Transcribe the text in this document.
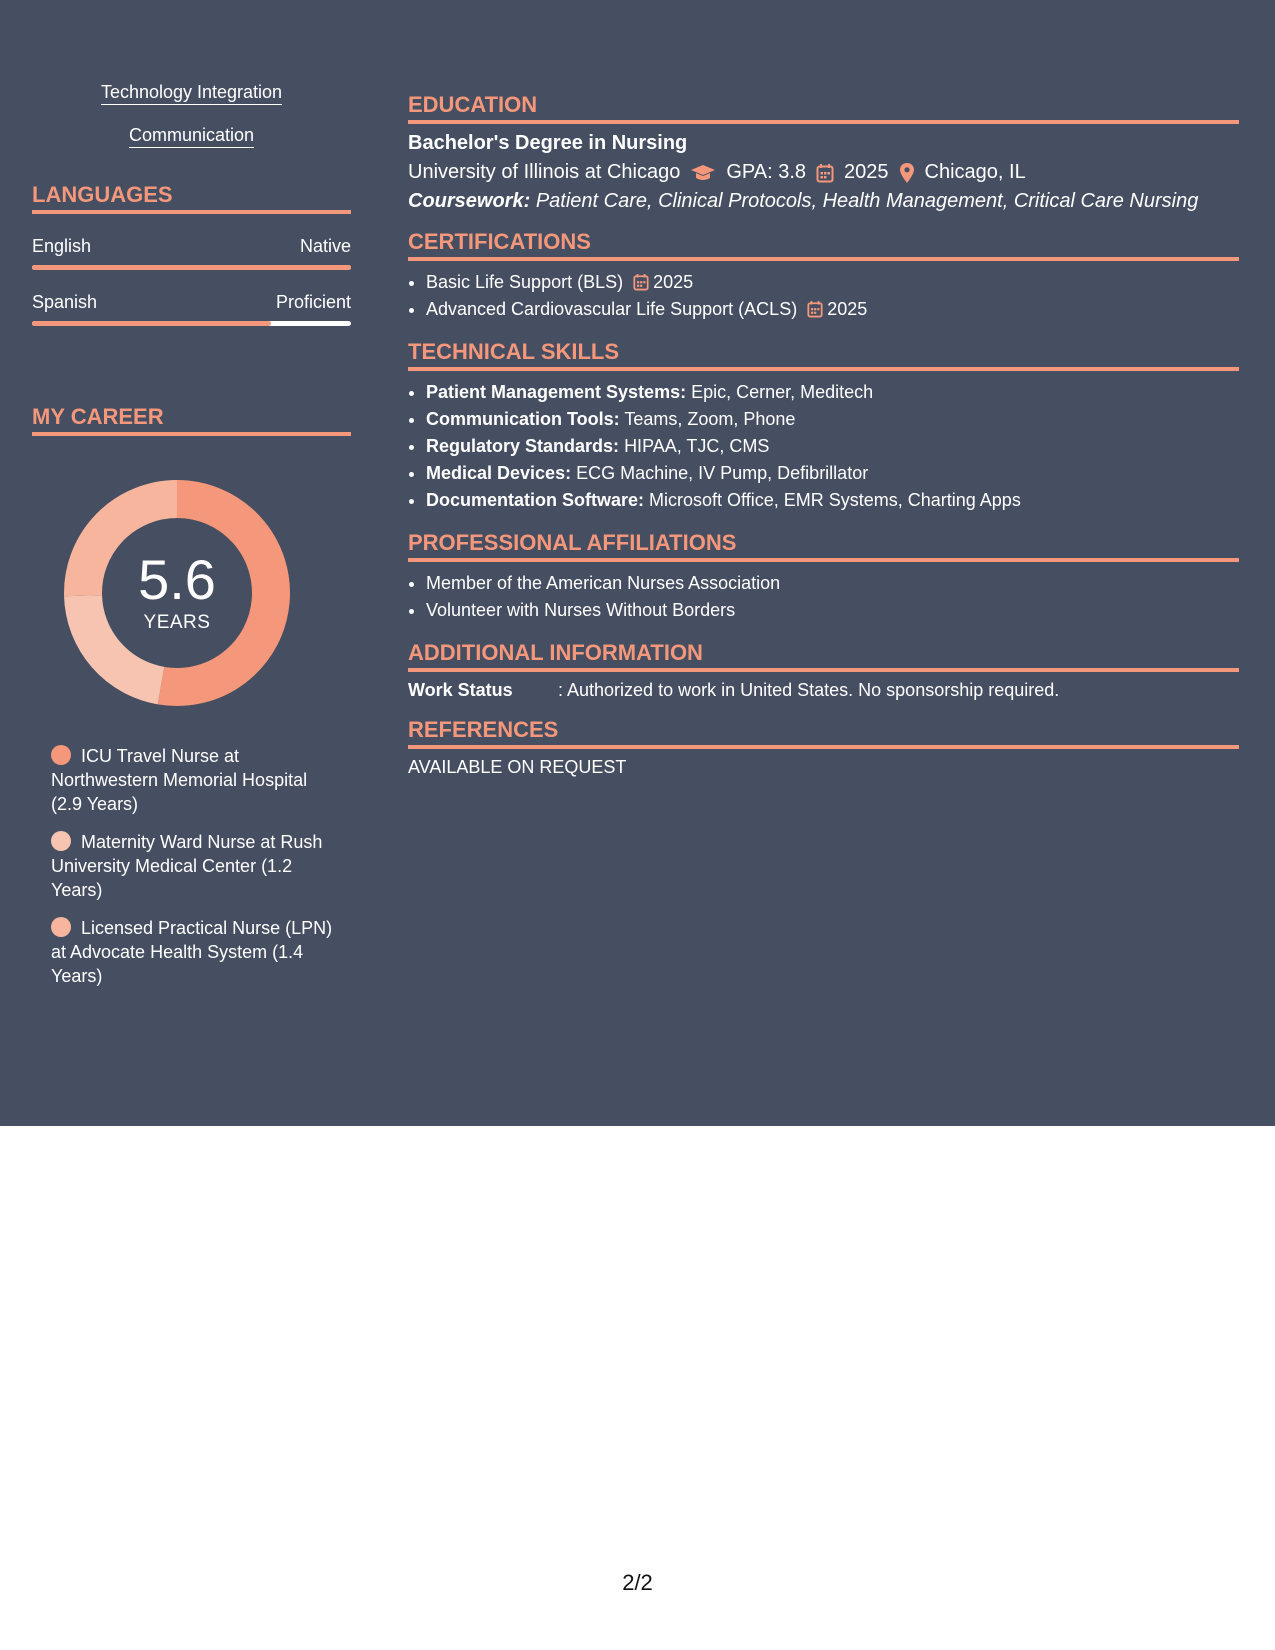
Technology Integration
Communication
LANGUAGES
English	Native
Spanish	Proficient
MY CAREER
5.6
YEARS
ICU Travel Nurse at Northwestern Memorial Hospital (2.9 Years)
Maternity Ward Nurse at Rush University Medical Center (1.2 Years)
Licensed Practical Nurse (LPN) at Advocate Health System (1.4 Years)
EDUCATION
Bachelor's Degree in Nursing
University of Illinois at Chicago GPA: 3.8 2025 Chicago, IL
Coursework: Patient Care, Clinical Protocols, Health Management, Critical Care Nursing
CERTIFICATIONS
• Basic Life Support (BLS) 2025
• Advanced Cardiovascular Life Support (ACLS) 2025
TECHNICAL SKILLS
• Patient Management Systems: Epic, Cerner, Meditech
• Communication Tools: Teams, Zoom, Phone
• Regulatory Standards: HIPAA, TJC, CMS
• Medical Devices: ECG Machine, IV Pump, Defibrillator
• Documentation Software: Microsoft Office, EMR Systems, Charting Apps
PROFESSIONAL AFFILIATIONS
• Member of the American Nurses Association
• Volunteer with Nurses Without Borders
ADDITIONAL INFORMATION
Work Status	: Authorized to work in United States. No sponsorship required.
REFERENCES
AVAILABLE ON REQUEST
2/2
